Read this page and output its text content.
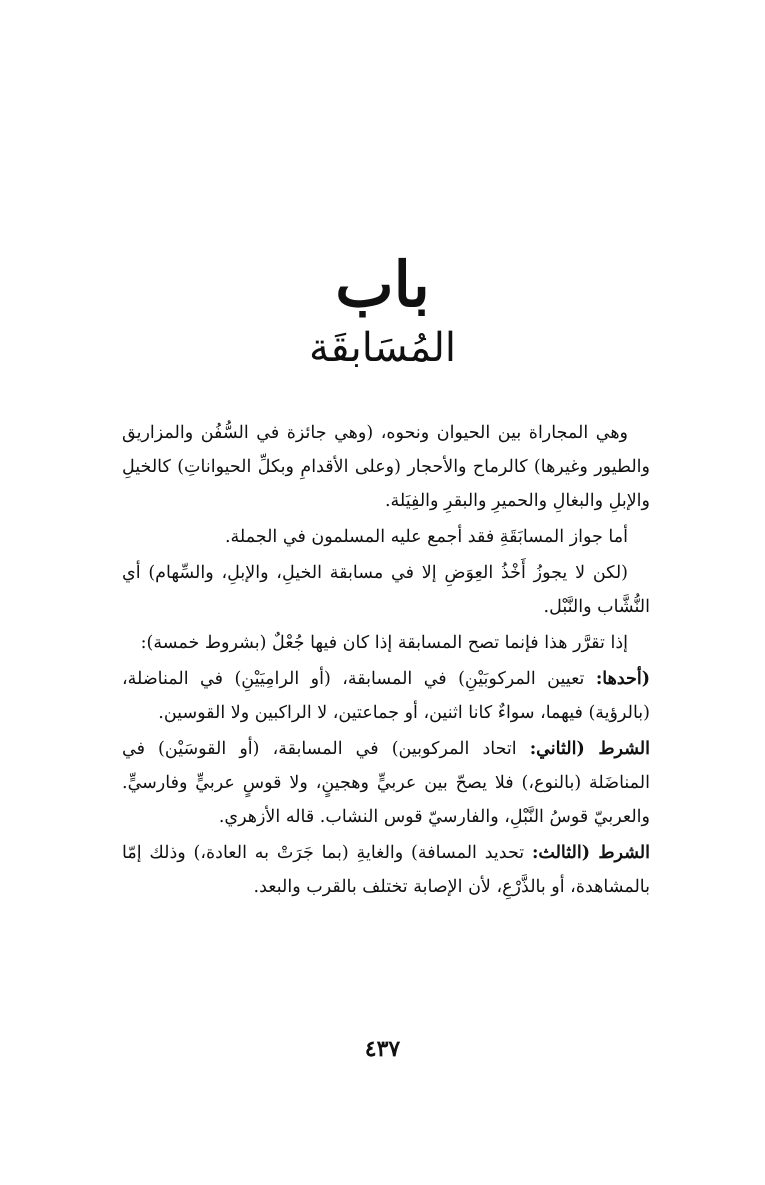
باب
المُسَابقَة

وهي المجاراة بين الحيوان ونحوه، (وهي جائزة في السُّفُن والمزاريق والطيور وغيرها) كالرماح والأحجار (وعلى الأقدامِ وبكلِّ الحيواناتِ) كالخيلِ والإبلِ والبغالِ والحميرِ والبقرِ والفِيَلة.

أما جواز المسابَقَةِ فقد أجمع عليه المسلمون في الجملة.

(لكن لا يجوزُ أَخْذُ العِوَضِ إلا في مسابقة الخيلِ، والإبلِ، والسِّهام) أي النُّشَّاب والنَّبْل.

إذا تقرَّر هذا فإنما تصح المسابقة إذا كان فيها جُعْلٌ (بشروط خمسة):

(أحدها: تعيين المركوبَيْنِ) في المسابقة، (أو الرامِيَيْنِ) في المناضلة، (بالرؤية) فيهما، سواءٌ كانا اثنين، أو جماعتين، لا الراكبين ولا القوسين.

الشرط (الثاني: اتحاد المركوبين) في المسابقة، (أو القوسَيْن) في المناضَلة (بالنوع،) فلا يصحّ بين عربيٍّ وهجينٍ، ولا قوسٍ عربيٍّ وفارسيٍّ. والعربيّ قوسُ النَّبْلِ، والفارسيّ قوس النشاب. قاله الأزهري.

الشرط (الثالث: تحديد المسافة) والغايةِ (بما جَرَتْ به العادة،) وذلك إمّا بالمشاهدة، أو بالذَّرْعِ، لأن الإصابة تختلف بالقرب والبعد.

٤٣٧
